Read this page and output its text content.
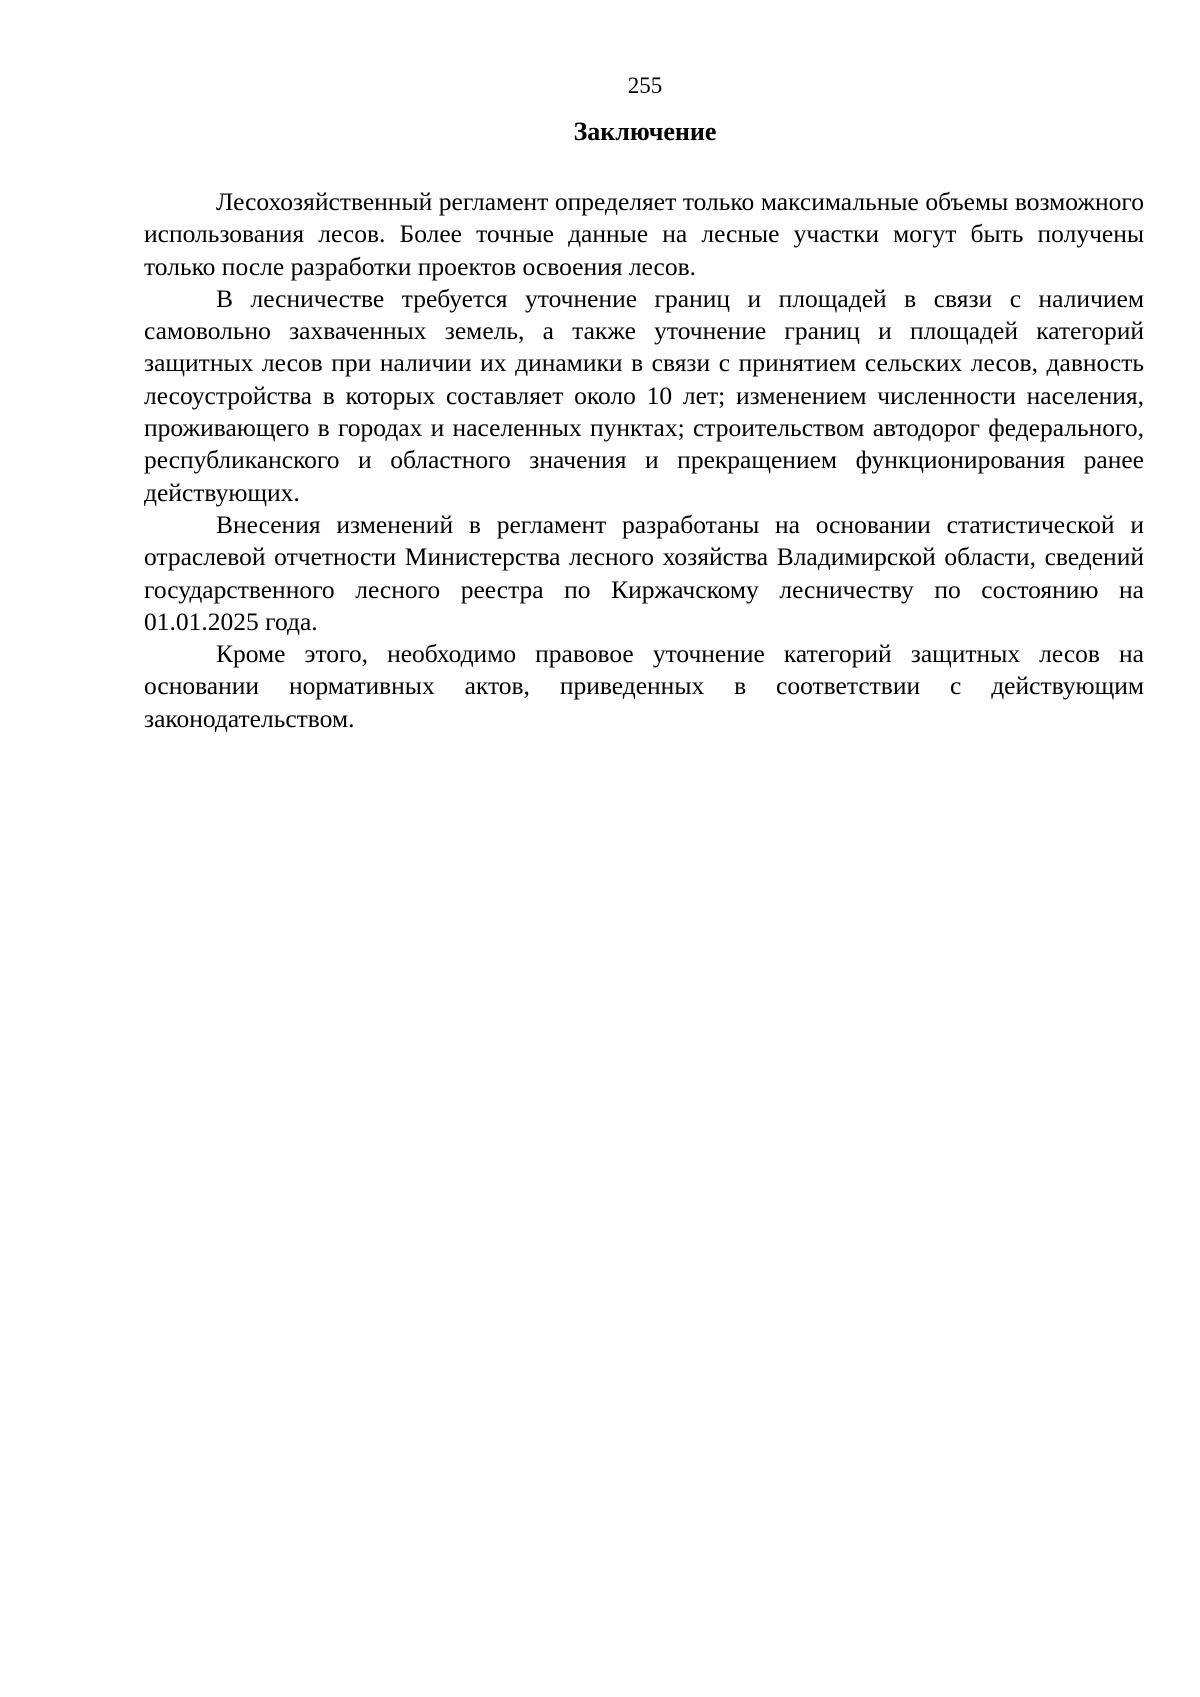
255
Заключение

Лесохозяйственный регламент определяет только максимальные объемы возможного использования лесов. Более точные данные на лесные участки могут быть получены только после разработки проектов освоения лесов.

В лесничестве требуется уточнение границ и площадей в связи с наличием самовольно захваченных земель, а также уточнение границ и площадей категорий защитных лесов при наличии их динамики в связи с принятием сельских лесов, давность лесоустройства в которых составляет около 10 лет; изменением численности населения, проживающего в городах и населенных пунктах; строительством автодорог федерального, республиканского и областного значения и прекращением функционирования ранее действующих.

Внесения изменений в регламент разработаны на основании статистической и отраслевой отчетности Министерства лесного хозяйства Владимирской области, сведений государственного лесного реестра по Киржачскому лесничеству по состоянию на 01.01.2025 года.

Кроме этого, необходимо правовое уточнение категорий защитных лесов на основании нормативных актов, приведенных в соответствии с действующим законодательством.
